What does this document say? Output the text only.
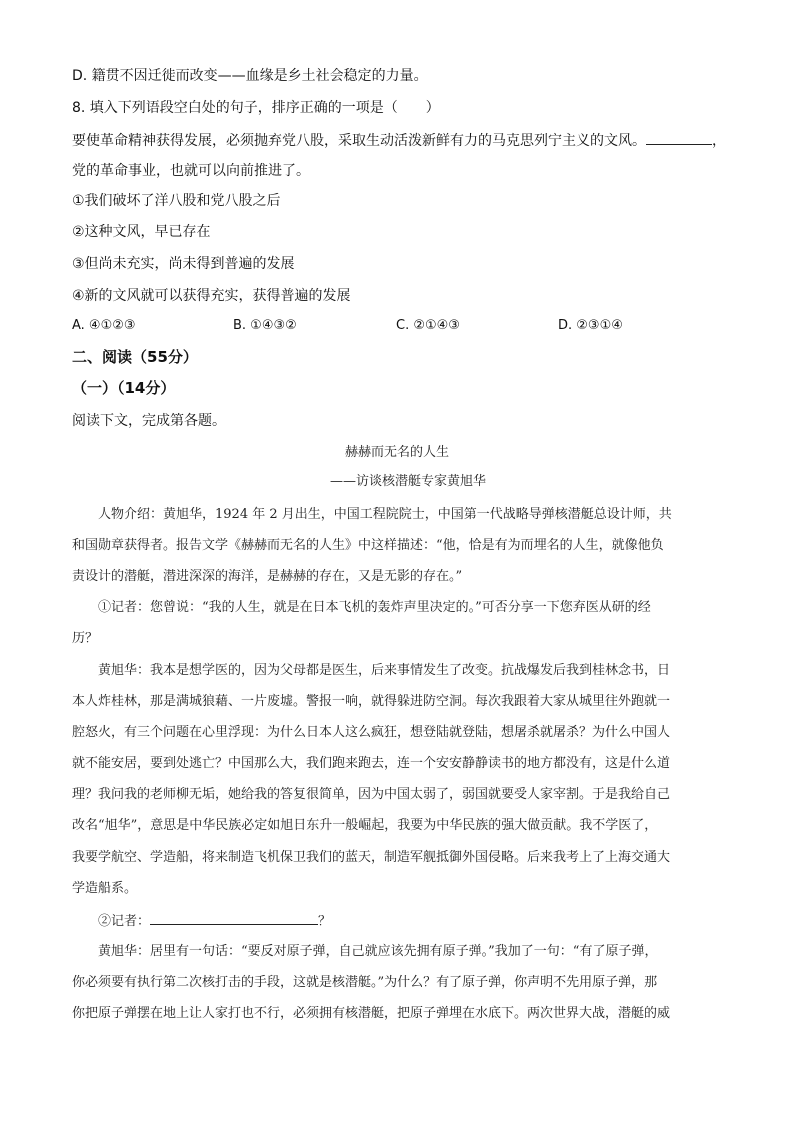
D. 籍贯不因迁徙而改变——血缘是乡土社会稳定的力量。
8. 填入下列语段空白处的句子，排序正确的一项是（　　）
要使革命精神获得发展，必须抛弃党八股，采取生动活泼新鲜有力的马克思列宁主义的文风。	，
党的革命事业，也就可以向前推进了。
①我们破坏了洋八股和党八股之后
②这种文风，早已存在
③但尚未充实，尚未得到普遍的发展
④新的文风就可以获得充实，获得普遍的发展
A. ④①②③	B. ①④③②	C. ②①④③	D. ②③①④
二、阅读（55分）
（一）（14分）
阅读下文，完成第各题。
赫赫而无名的人生
——访谈核潜艇专家黄旭华
人物介绍：黄旭华，1924 年 2 月出生，中国工程院院士，中国第一代战略导弹核潜艇总设计师，共
和国勋章获得者。报告文学《赫赫而无名的人生》中这样描述：“他，恰是有为而埋名的人生，就像他负
责设计的潜艇，潜进深深的海洋，是赫赫的存在，又是无影的存在。”
①记者：您曾说：“我的人生，就是在日本飞机的轰炸声里决定的。”可否分享一下您弃医从研的经
历？
黄旭华：我本是想学医的，因为父母都是医生，后来事情发生了改变。抗战爆发后我到桂林念书，日
本人炸桂林，那是满城狼藉、一片废墟。警报一响，就得躲进防空洞。每次我跟着大家从城里往外跑就一
腔怒火，有三个问题在心里浮现：为什么日本人这么疯狂，想登陆就登陆，想屠杀就屠杀？为什么中国人
就不能安居，要到处逃亡？中国那么大，我们跑来跑去，连一个安安静静读书的地方都没有，这是什么道
理？我问我的老师柳无垢，她给我的答复很简单，因为中国太弱了，弱国就要受人家宰割。于是我给自己
改名“旭华”，意思是中华民族必定如旭日东升一般崛起，我要为中华民族的强大做贡献。我不学医了，
我要学航空、学造船，将来制造飞机保卫我们的蓝天，制造军舰抵御外国侵略。后来我考上了上海交通大
学造船系。
②记者：	？
黄旭华：居里有一句话：“要反对原子弹，自己就应该先拥有原子弹。”我加了一句：“有了原子弹，
你必须要有执行第二次核打击的手段，这就是核潜艇。”为什么？有了原子弹，你声明不先用原子弹，那
你把原子弹摆在地上让人家打也不行，必须拥有核潜艇，把原子弹埋在水底下。两次世界大战，潜艇的威
